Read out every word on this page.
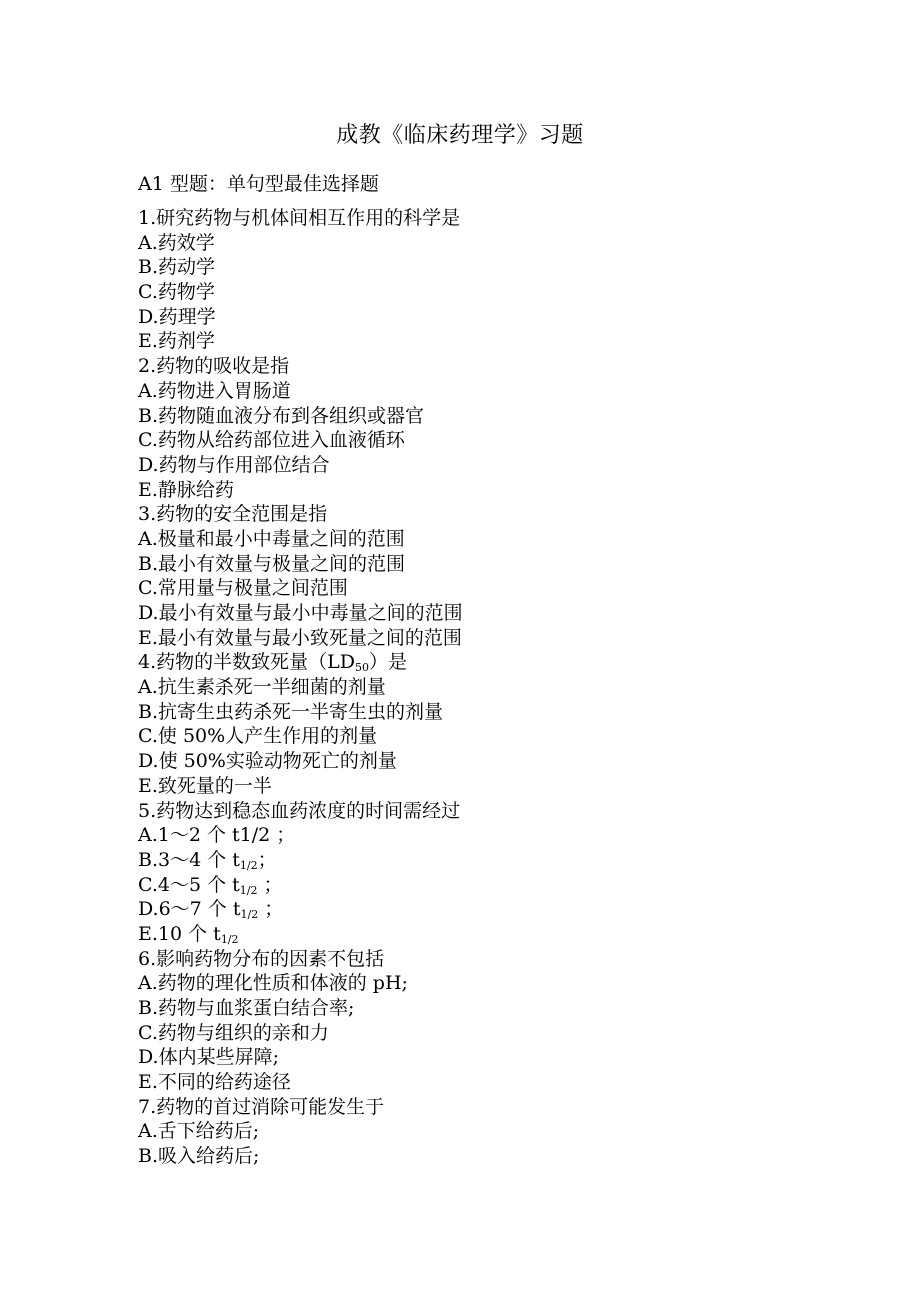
成教《临床药理学》习题
A1 型题：单句型最佳选择题
1.研究药物与机体间相互作用的科学是
A.药效学
B.药动学
C.药物学
D.药理学
E.药剂学
2.药物的吸收是指
A.药物进入胃肠道
B.药物随血液分布到各组织或器官
C.药物从给药部位进入血液循环
D.药物与作用部位结合
E.静脉给药
3.药物的安全范围是指
A.极量和最小中毒量之间的范围
B.最小有效量与极量之间的范围
C.常用量与极量之间范围
D.最小有效量与最小中毒量之间的范围
E.最小有效量与最小致死量之间的范围
4.药物的半数致死量$(LD_{50})$是
A.抗生素杀死一半细菌的剂量
B.抗寄生虫药杀死一半寄生虫的剂量
C.使 50%人产生作用的剂量
D.使 50%实验动物死亡的剂量
E.致死量的一半
5.药物达到稳态血药浓度的时间需经过
A.1～2 个 t1/2 ；
B.3～4 个 $t_{1/2}$；
C.4～5 个 $t_{1/2}$ ；
D.6～7 个 $t_{1/2}$ ；
E.10 个 $t_{1/2}$
6.影响药物分布的因素不包括
A.药物的理化性质和体液的 pH;
B.药物与血浆蛋白结合率;
C.药物与组织的亲和力
D.体内某些屏障;
E.不同的给药途径
7.药物的首过消除可能发生于
A.舌下给药后;
B.吸入给药后;
